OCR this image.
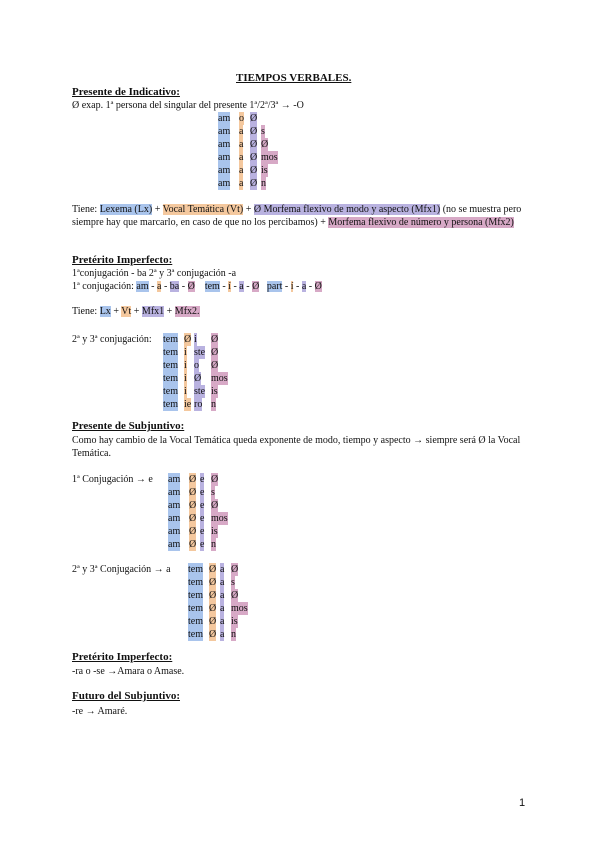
TIEMPOS VERBALES.
Presente de Indicativo:
Ø exap. 1ª persona del singular del presente 1ª/2ª/3ª → -O
am o Ø
am a Ø s
am a Ø Ø
am a Ø mos
am a Ø is
am a Ø n
Tiene: Lexema (Lx) + Vocal Temática (Vt) + Ø Morfema flexivo de modo y aspecto (Mfx1) (no se muestra pero siempre hay que marcarlo, en caso de que no los percibamos) + Morfema flexivo de número y persona (Mfx2)
Pretérito Imperfecto:
1ªconjugación - ba 2ª y 3ª conjugación -a
1ª conjugación: am - a - ba - Ø tem - í - a - Ø part - í - a - Ø
Tiene: Lx + Vt + Mfx1 + Mfx2.
2ª y 3ª conjugación: tem Ø i Ø
tem i ste Ø
tem i o Ø
tem i Ø mos
tem i ste is
tem ie ro n
Presente de Subjuntivo:
Como hay cambio de la Vocal Temática queda exponente de modo, tiempo y aspecto → siempre será Ø la Vocal Temática.
1ª Conjugación → e am Ø e Ø
am Ø e s
am Ø e Ø
am Ø e mos
am Ø e is
am Ø e n
2ª y 3ª Conjugación → a tem Ø a Ø
tem Ø a s
tem Ø a Ø
tem Ø a mos
tem Ø a is
tem Ø a n
Pretérito Imperfecto:
-ra o -se →Amara o Amase.
Futuro del Subjuntivo:
-re → Amaré.
1
